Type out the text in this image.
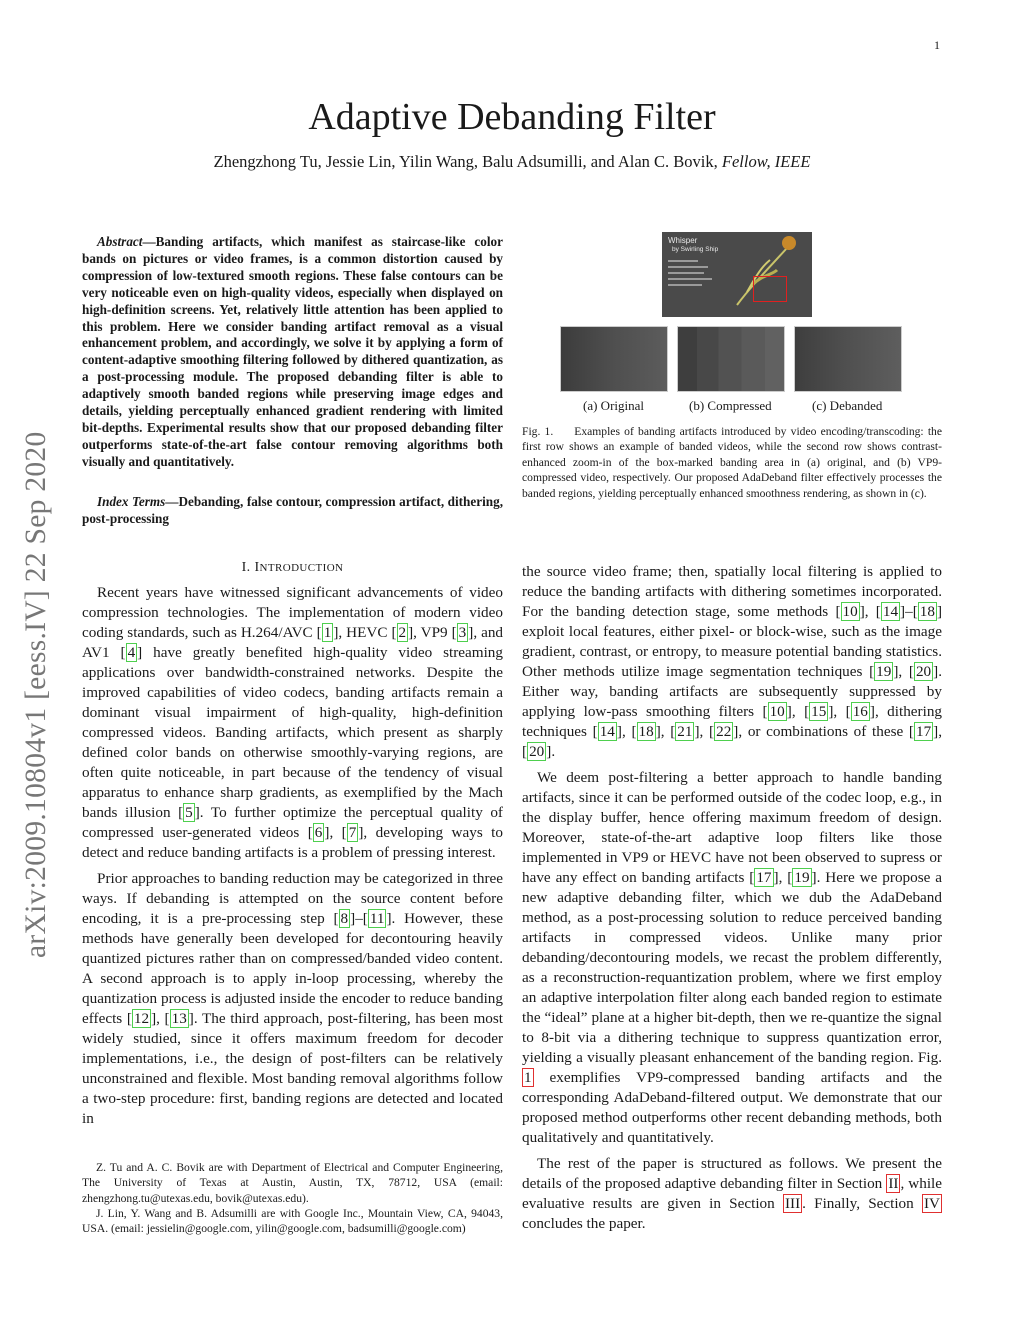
1
Adaptive Debanding Filter
Zhengzhong Tu, Jessie Lin, Yilin Wang, Balu Adsumilli, and Alan C. Bovik, Fellow, IEEE
arXiv:2009.10804v1 [eess.IV] 22 Sep 2020
Abstract—Banding artifacts, which manifest as staircase-like color bands on pictures or video frames, is a common distortion caused by compression of low-textured smooth regions. These false contours can be very noticeable even on high-quality videos, especially when displayed on high-definition screens. Yet, relatively little attention has been applied to this problem. Here we consider banding artifact removal as a visual enhancement problem, and accordingly, we solve it by applying a form of content-adaptive smoothing filtering followed by dithered quantization, as a post-processing module. The proposed debanding filter is able to adaptively smooth banded regions while preserving image edges and details, yielding perceptually enhanced gradient rendering with limited bit-depths. Experimental results show that our proposed debanding filter outperforms state-of-the-art false contour removing algorithms both visually and quantitatively.
Index Terms—Debanding, false contour, compression artifact, dithering, post-processing
Whisper
by Swirling Ship
(a) Original	(b) Compressed	(c) Debanded
Fig. 1. Examples of banding artifacts introduced by video encoding/transcoding: the first row shows an example of banded videos, while the second row shows contrast-enhanced zoom-in of the box-marked banding area in (a) original, and (b) VP9-compressed video, respectively. Our proposed AdaDeband filter effectively processes the banded regions, yielding perceptually enhanced smoothness rendering, as shown in (c).
I. INTRODUCTION

Recent years have witnessed significant advancements of video compression technologies. The implementation of modern video coding standards, such as H.264/AVC [ 1 ], HEVC [ 2 ], VP9 [ 3 ], and AV1 [ 4 ] have greatly benefited high-quality video streaming applications over bandwidth-constrained networks. Despite the improved capabilities of video codecs, banding artifacts remain a dominant visual impairment of high-quality, high-definition compressed videos. Banding artifacts, which present as sharply defined color bands on otherwise smoothly-varying regions, are often quite noticeable, in part because of the tendency of visual apparatus to enhance sharp gradients, as exemplified by the Mach bands illusion [ 5 ]. To further optimize the perceptual quality of compressed user-generated videos [ 6 ], [ 7 ], developing ways to detect and reduce banding artifacts is a problem of pressing interest.

Prior approaches to banding reduction may be categorized in three ways. If debanding is attempted on the source content before encoding, it is a pre-processing step [ 8 ]–[ 11 ]. However, these methods have generally been developed for decontouring heavily quantized pictures rather than on compressed/banded video content. A second approach is to apply in-loop processing, whereby the quantization process is adjusted inside the encoder to reduce banding effects [ 12 ], [ 13 ]. The third approach, post-filtering, has been most widely studied, since it offers maximum freedom for decoder implementations, i.e., the design of post-filters can be relatively unconstrained and flexible. Most banding removal algorithms follow a two-step procedure: first, banding regions are detected and located in

Z. Tu and A. C. Bovik are with Department of Electrical and Computer Engineering, The University of Texas at Austin, Austin, TX, 78712, USA (email: zhengzhong.tu@utexas.edu, bovik@utexas.edu).

J. Lin, Y. Wang and B. Adsumilli are with Google Inc., Mountain View, CA, 94043, USA. (email: jessielin@google.com, yilin@google.com, badsumilli@google.com)

the source video frame; then, spatially local filtering is applied to reduce the banding artifacts with dithering sometimes incorporated. For the banding detection stage, some methods [ 10 ], [ 14 ]–[ 18 ] exploit local features, either pixel- or block-wise, such as the image gradient, contrast, or entropy, to measure potential banding statistics. Other methods utilize image segmentation techniques [ 19 ], [ 20 ]. Either way, banding artifacts are subsequently suppressed by applying low-pass smoothing filters [ 10 ], [ 15 ], [ 16 ], dithering techniques [ 14 ], [ 18 ], [ 21 ], [ 22 ], or combinations of these [ 17 ], [ 20 ].

We deem post-filtering a better approach to handle banding artifacts, since it can be performed outside of the codec loop, e.g., in the display buffer, hence offering maximum freedom of design. Moreover, state-of-the-art adaptive loop filters like those implemented in VP9 or HEVC have not been observed to supress or have any effect on banding artifacts [ 17 ], [ 19 ]. Here we propose a new adaptive debanding filter, which we dub the AdaDeband method, as a post-processing solution to reduce perceived banding artifacts in compressed videos. Unlike many prior debanding/decontouring models, we recast the problem differently, as a reconstruction-requantization problem, where we first employ an adaptive interpolation filter along each banded region to estimate the “ideal” plane at a higher bit-depth, then we re-quantize the signal to 8-bit via a dithering technique to suppress quantization error, yielding a visually pleasant enhancement of the banding region. Fig. 1 exemplifies VP9-compressed banding artifacts and the corresponding AdaDeband-filtered output. We demonstrate that our proposed method outperforms other recent debanding methods, both qualitatively and quantitatively.

The rest of the paper is structured as follows. We present the details of the proposed adaptive debanding filter in Section II , while evaluative results are given in Section III . Finally, Section IV concludes the paper.
